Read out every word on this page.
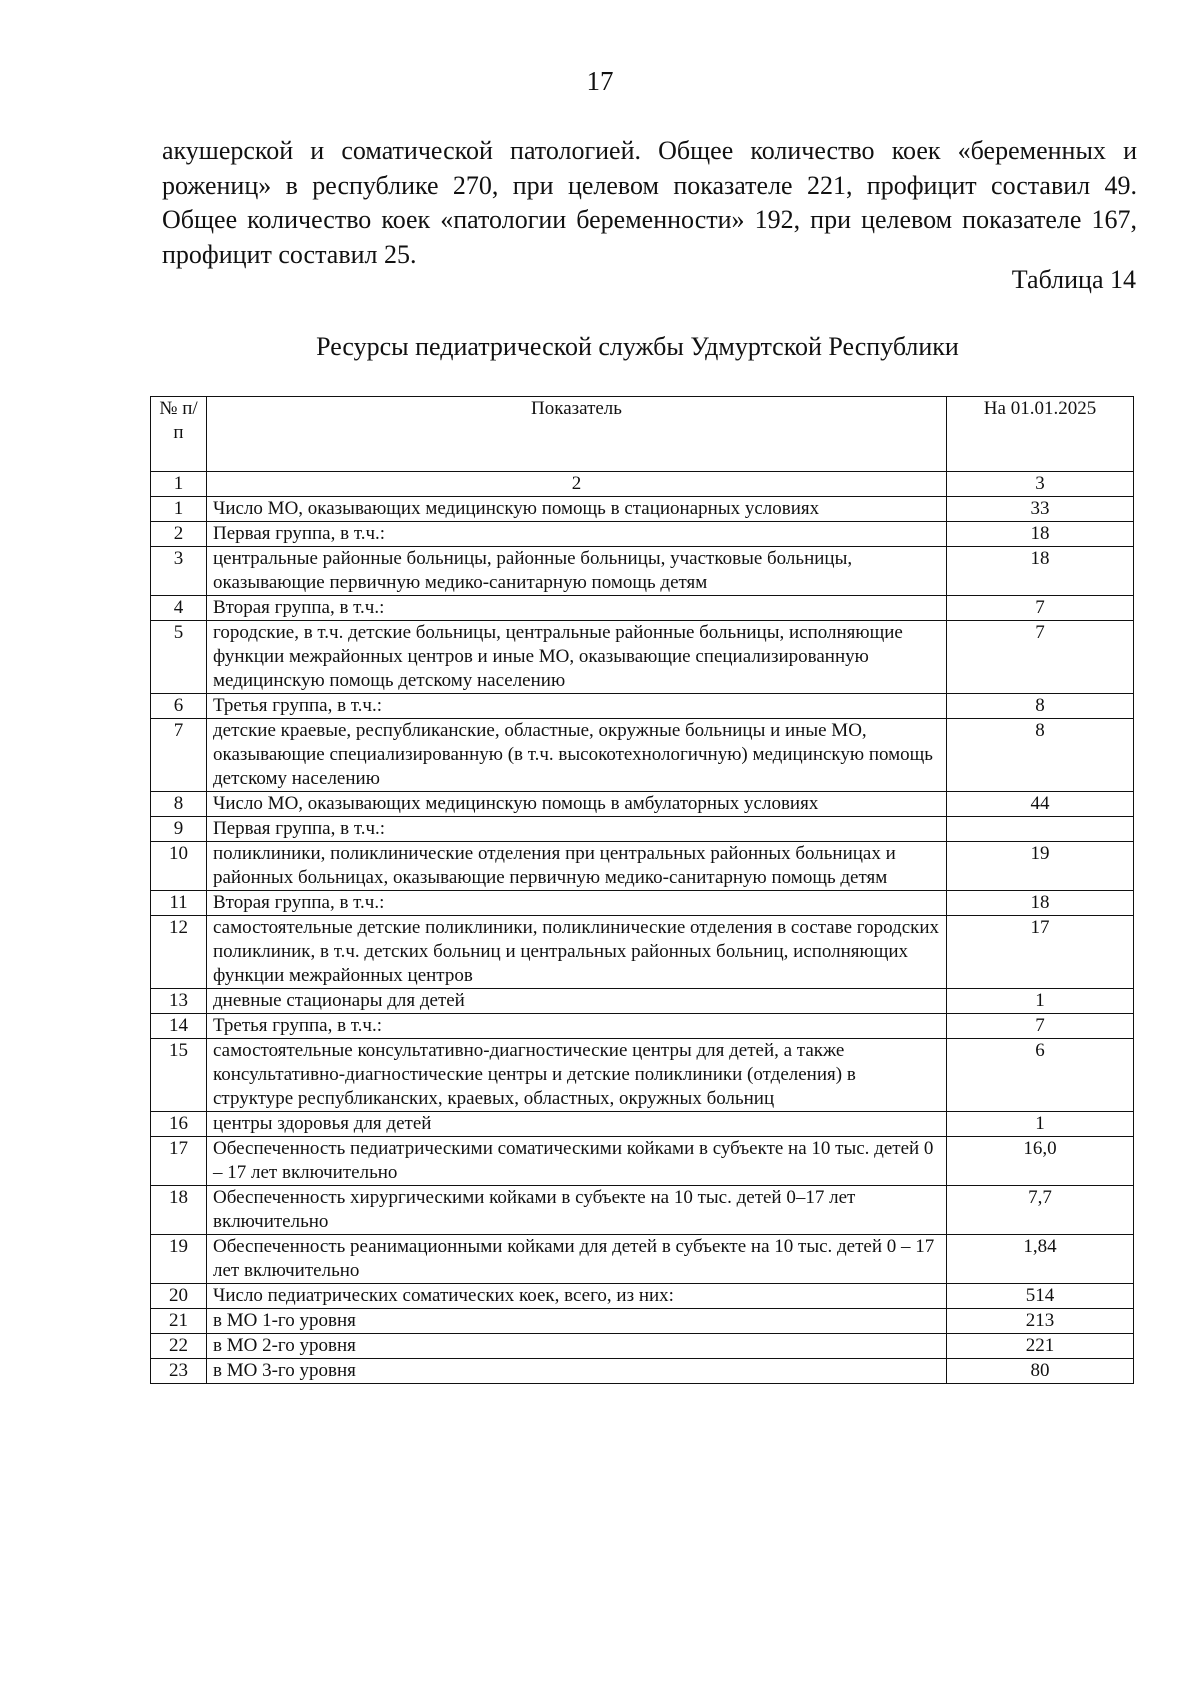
17

акушерской и соматической патологией. Общее количество коек «беременных и рожениц» в республике 270, при целевом показателе 221, профицит составил 49. Общее количество коек «патологии беременности» 192, при целевом показателе 167, профицит составил 25.

Таблица 14
Ресурсы педиатрической службы Удмуртской Республики
№ п/п	Показатель	На 01.01.2025
1	2	3
1	Число МО, оказывающих медицинскую помощь в стационарных условиях	33
2	Первая группа, в т.ч.:	18
3	центральные районные больницы, районные больницы, участковые больницы, оказывающие первичную медико-санитарную помощь детям	18
4	Вторая группа, в т.ч.:	7
5	городские, в т.ч. детские больницы, центральные районные больницы, исполняющие функции межрайонных центров и иные МО, оказывающие специализированную медицинскую помощь детскому населению	7
6	Третья группа, в т.ч.:	8
7	детские краевые, республиканские, областные, окружные больницы и иные МО, оказывающие специализированную (в т.ч. высокотехнологичную) медицинскую помощь детскому населению	8
8	Число МО, оказывающих медицинскую помощь в амбулаторных условиях	44
9	Первая группа, в т.ч.:	
10	поликлиники, поликлинические отделения при центральных районных больницах и районных больницах, оказывающие первичную медико-санитарную помощь детям	19
11	Вторая группа, в т.ч.:	18
12	самостоятельные детские поликлиники, поликлинические отделения в составе городских поликлиник, в т.ч. детских больниц и центральных районных больниц, исполняющих функции межрайонных центров	17
13	дневные стационары для детей	1
14	Третья группа, в т.ч.:	7
15	самостоятельные консультативно-диагностические центры для детей, а также консультативно-диагностические центры и детские поликлиники (отделения) в структуре республиканских, краевых, областных, окружных больниц	6
16	центры здоровья для детей	1
17	Обеспеченность педиатрическими соматическими койками в субъекте на 10 тыс. детей 0 – 17 лет включительно	16,0
18	Обеспеченность хирургическими койками в субъекте на 10 тыс. детей 0–17 лет включительно	7,7
19	Обеспеченность реанимационными койками для детей в субъекте на 10 тыс. детей 0 – 17 лет включительно	1,84
20	Число педиатрических соматических коек, всего, из них:	514
21	в МО 1-го уровня	213
22	в МО 2-го уровня	221
23	в МО 3-го уровня	80
